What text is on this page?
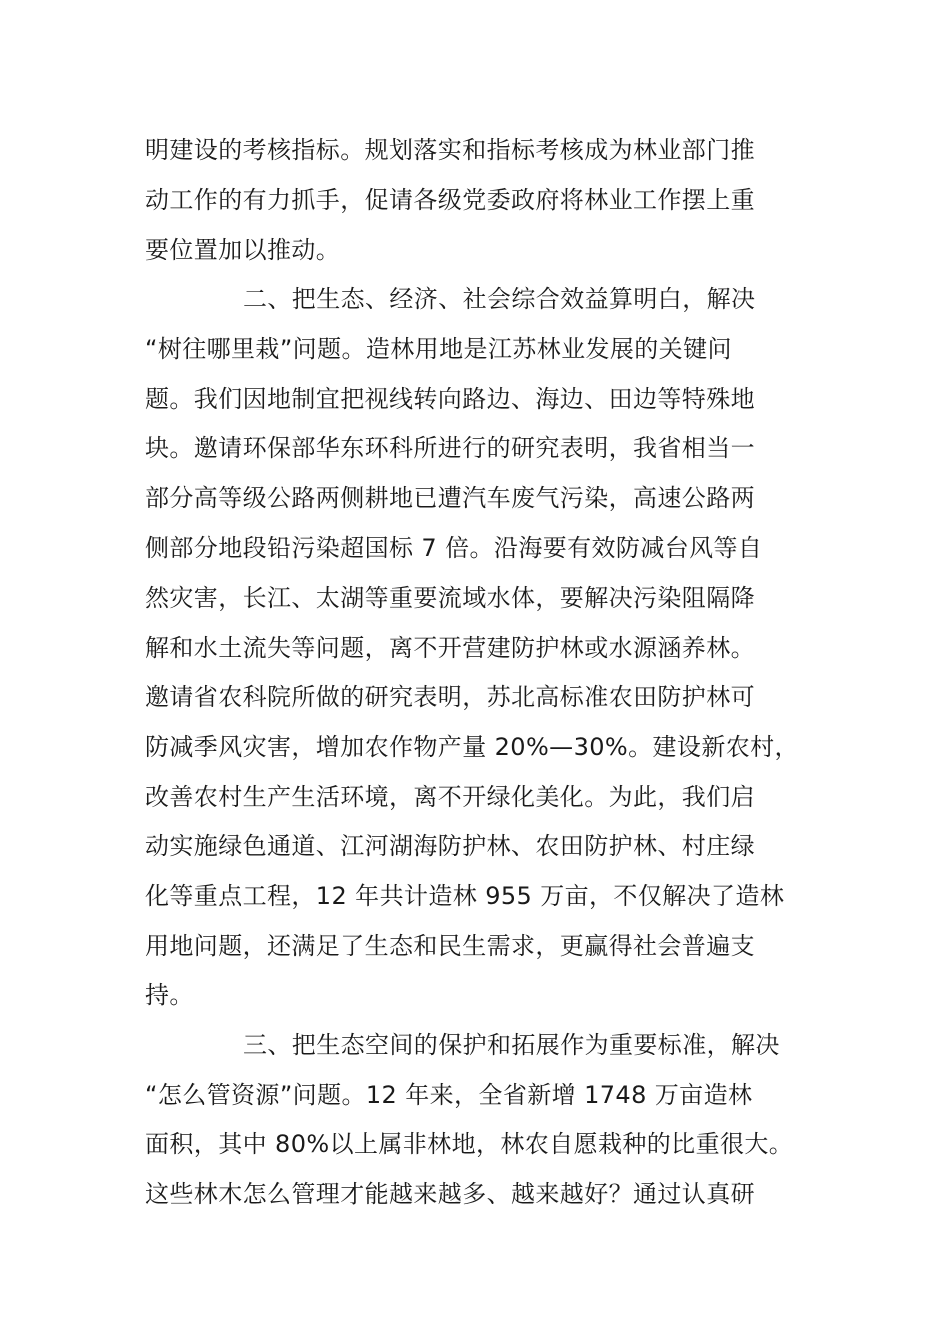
明建设的考核指标。规划落实和指标考核成为林业部门推
动工作的有力抓手，促请各级党委政府将林业工作摆上重
要位置加以推动。
二、把生态、经济、社会综合效益算明白，解决
“树往哪里栽”问题。造林用地是江苏林业发展的关键问
题。我们因地制宜把视线转向路边、海边、田边等特殊地
块。邀请环保部华东环科所进行的研究表明，我省相当一
部分高等级公路两侧耕地已遭汽车废气污染，高速公路两
侧部分地段铅污染超国标 7 倍。沿海要有效防减台风等自
然灾害，长江、太湖等重要流域水体，要解决污染阻隔降
解和水土流失等问题，离不开营建防护林或水源涵养林。
邀请省农科院所做的研究表明，苏北高标准农田防护林可
防减季风灾害，增加农作物产量 20%—30%。建设新农村，
改善农村生产生活环境，离不开绿化美化。为此，我们启
动实施绿色通道、江河湖海防护林、农田防护林、村庄绿
化等重点工程，12 年共计造林 955 万亩，不仅解决了造林
用地问题，还满足了生态和民生需求，更赢得社会普遍支
持。
三、把生态空间的保护和拓展作为重要标准，解决
“怎么管资源”问题。12 年来，全省新增 1748 万亩造林
面积，其中 80%以上属非林地，林农自愿栽种的比重很大。
这些林木怎么管理才能越来越多、越来越好？通过认真研
